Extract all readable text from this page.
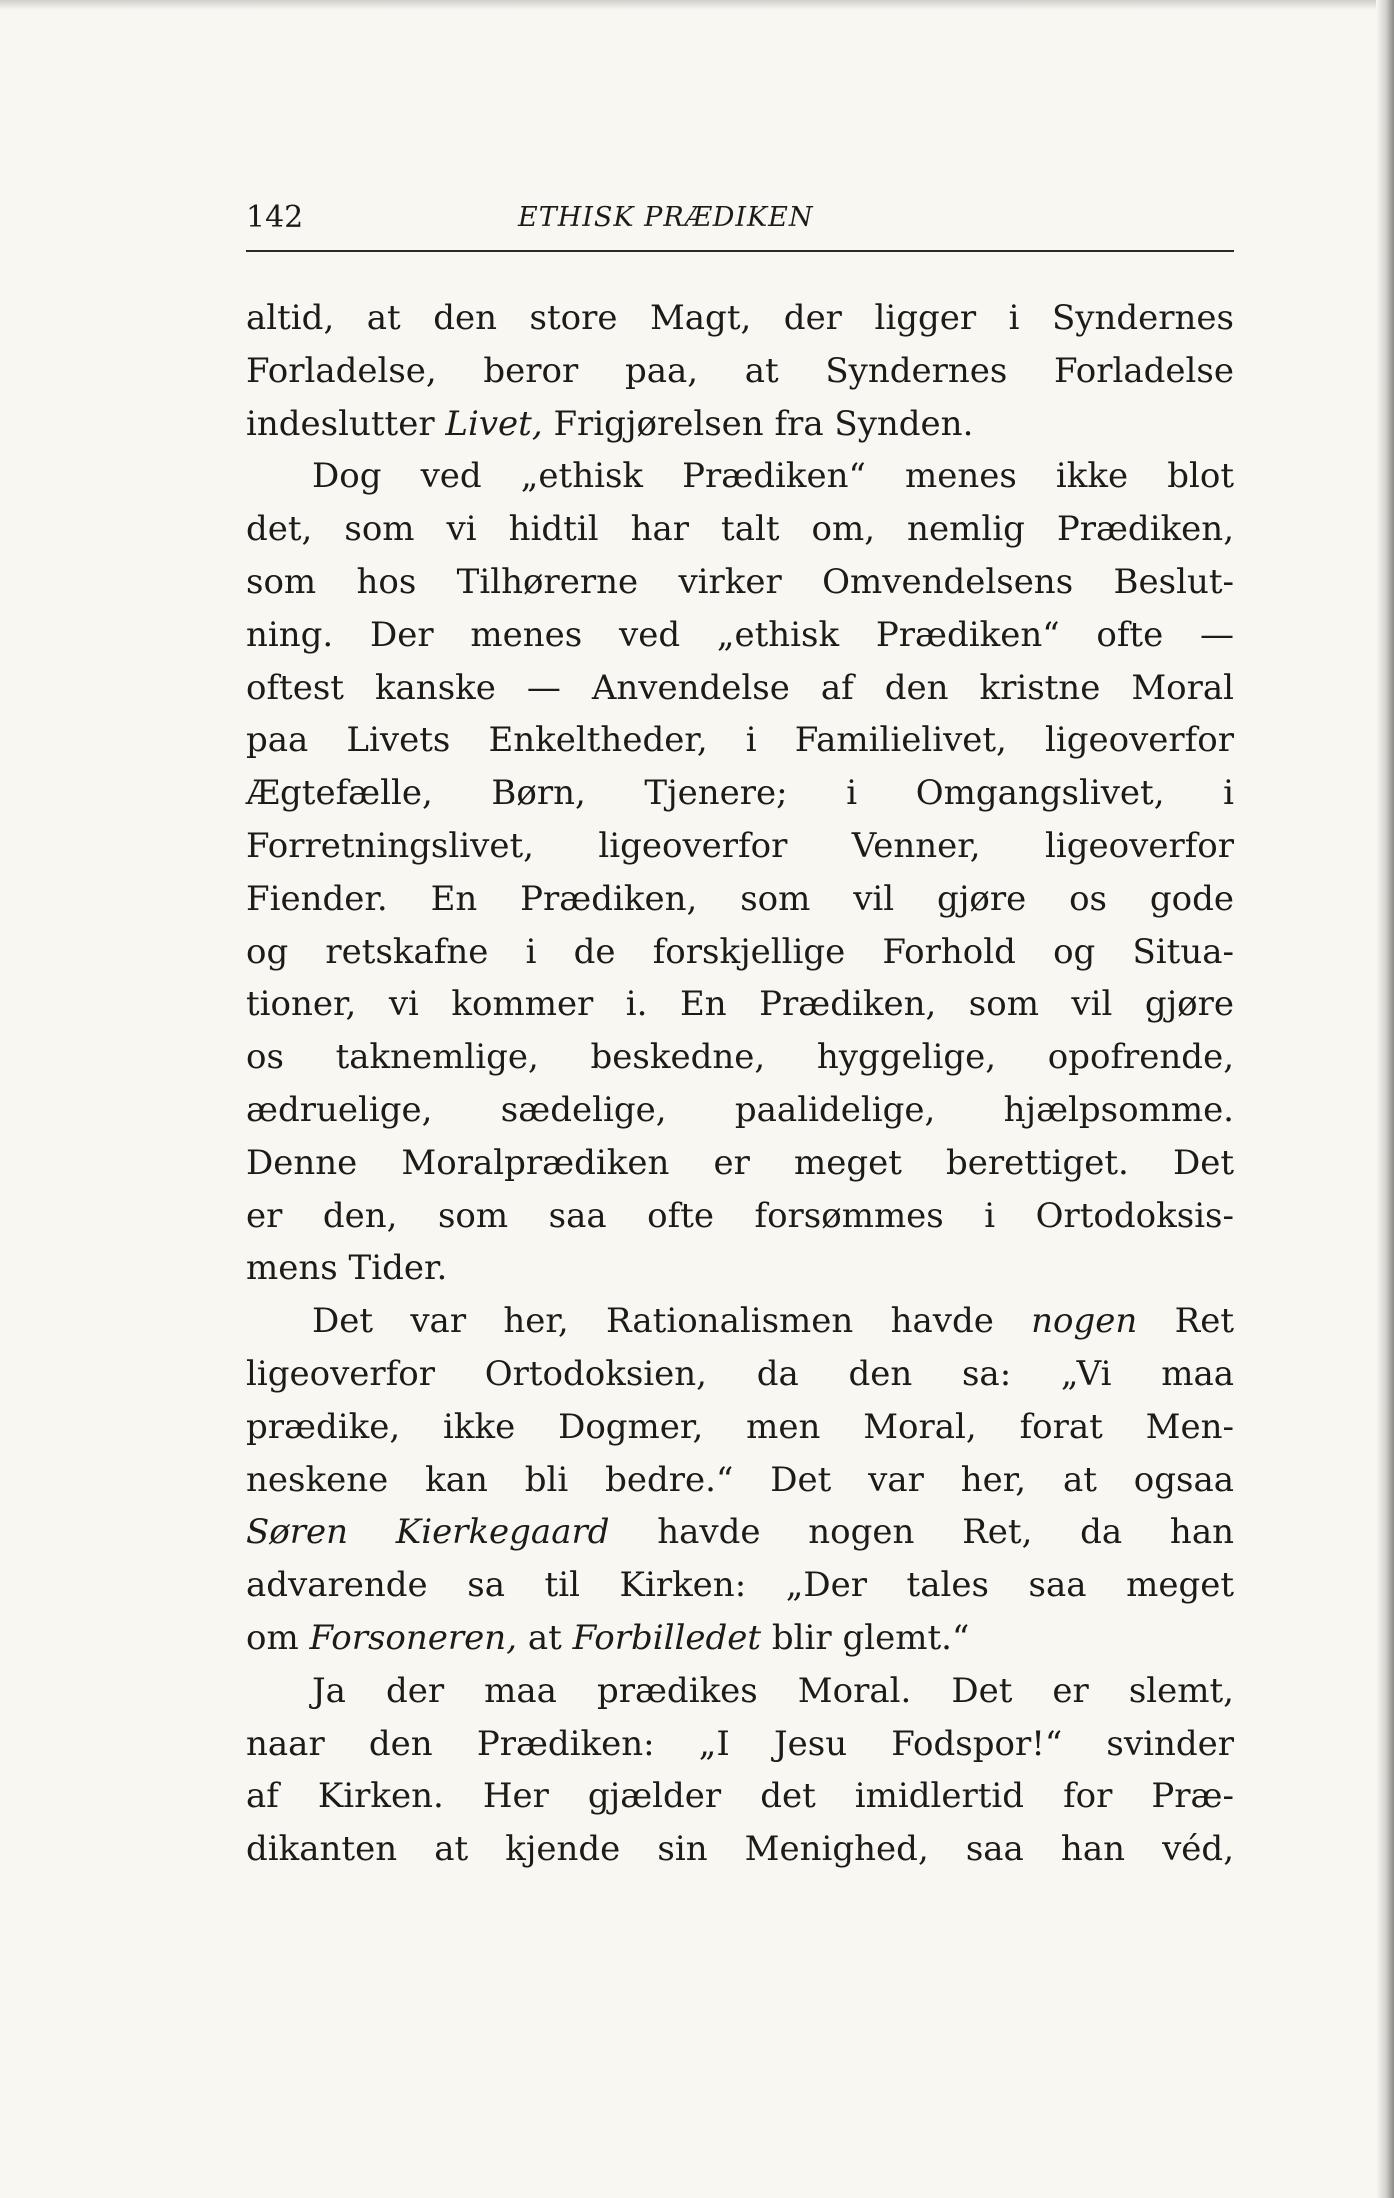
142	ETHISK PRÆDIKEN
altid, at den store Magt, der ligger i Syndernes
Forladelse, beror paa, at Syndernes Forladelse
indeslutter Livet, Frigjørelsen fra Synden.
Dog ved „ethisk Prædiken“ menes ikke blot
det, som vi hidtil har talt om, nemlig Prædiken,
som hos Tilhørerne virker Omvendelsens Beslut-
ning. Der menes ved „ethisk Prædiken“ ofte —
oftest kanske — Anvendelse af den kristne Moral
paa Livets Enkeltheder, i Familielivet, ligeoverfor
Ægtefælle, Børn, Tjenere; i Omgangslivet, i
Forretningslivet, ligeoverfor Venner, ligeoverfor
Fiender. En Prædiken, som vil gjøre os gode
og retskafne i de forskjellige Forhold og Situa-
tioner, vi kommer i. En Prædiken, som vil gjøre
os taknemlige, beskedne, hyggelige, opofrende,
ædruelige, sædelige, paalidelige, hjælpsomme.
Denne Moralprædiken er meget berettiget. Det
er den, som saa ofte forsømmes i Ortodoksis-
mens Tider.
Det var her, Rationalismen havde nogen Ret
ligeoverfor Ortodoksien, da den sa: „Vi maa
prædike, ikke Dogmer, men Moral, forat Men-
neskene kan bli bedre.“ Det var her, at ogsaa
Søren Kierkegaard havde nogen Ret, da han
advarende sa til Kirken: „Der tales saa meget
om Forsoneren, at Forbilledet blir glemt.“
Ja der maa prædikes Moral. Det er slemt,
naar den Prædiken: „I Jesu Fodspor!“ svinder
af Kirken. Her gjælder det imidlertid for Præ-
dikanten at kjende sin Menighed, saa han véd,
